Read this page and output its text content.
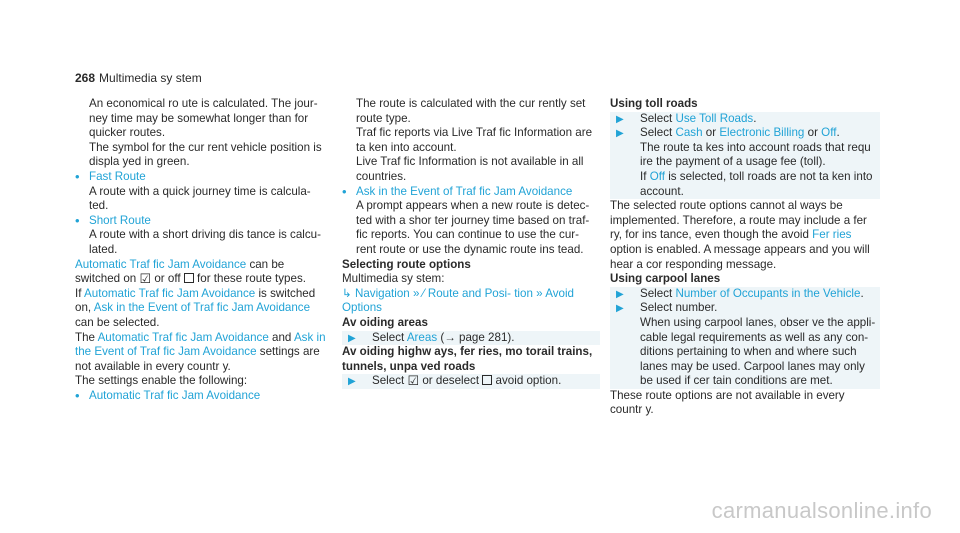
268 Multimedia sy stem

An economical ro ute is calculated. The jour‐ ney time may be somewhat longer than for quicker routes.

The symbol for the cur rent vehicle position is displa yed in green.

• Fast Route

A route with a quick journey time is calcula‐ ted.

• Short Route

A route with a short driving dis tance is calcu‐ lated.

Automatic Traf fic Jam Avoidance can be switched on ☑ or off for these route types.

If Automatic Traf fic Jam Avoidance is switched on, Ask in the Event of Traf fic Jam Avoidance can be selected.

The Automatic Traf fic Jam Avoidance and Ask in the Event of Traf fic Jam Avoidance settings are not available in every countr y.

The settings enable the following:

• Automatic Traf fic Jam Avoidance

The route is calculated with the cur rently set route type.

Traf fic reports via Live Traf fic Information are ta ken into account.

Live Traf fic Information is not available in all countries.

• Ask in the Event of Traf fic Jam Avoidance

A prompt appears when a new route is detec‐ ted with a shor ter journey time based on traf‐ fic reports. You can continue to use the cur‐ rent route or use the dynamic route ins tead.

Selecting route options

Multimedia sy stem:

↳ Navigation » ⁄ Route and Posi‐ tion » Avoid Options

Av oiding areas

▶ Select Areas (→ page 281).

Av oiding highw ays, fer ries, mo torail trains, tunnels, unpa ved roads

▶ Select ☑ or deselect avoid option.

Using toll roads

▶ Select Use Toll Roads.
▶ Select Cash or Electronic Billing or Off.
The route ta kes into account roads that requ ire the payment of a usage fee (toll).
If Off is selected, toll roads are not ta ken into account.

The selected route options cannot al ways be implemented. Therefore, a route may include a fer ry, for ins tance, even though the avoid Fer ries option is enabled. A message appears and you will hear a cor responding message.

Using carpool lanes

▶ Select Number of Occupants in the Vehicle.
▶ Select number.
When using carpool lanes, obser ve the appli‐ cable legal requirements as well as any con‐ ditions pertaining to when and where such lanes may be used. Carpool lanes may only be used if cer tain conditions are met.

These route options are not available in every countr y.

carmanualsonline.info
